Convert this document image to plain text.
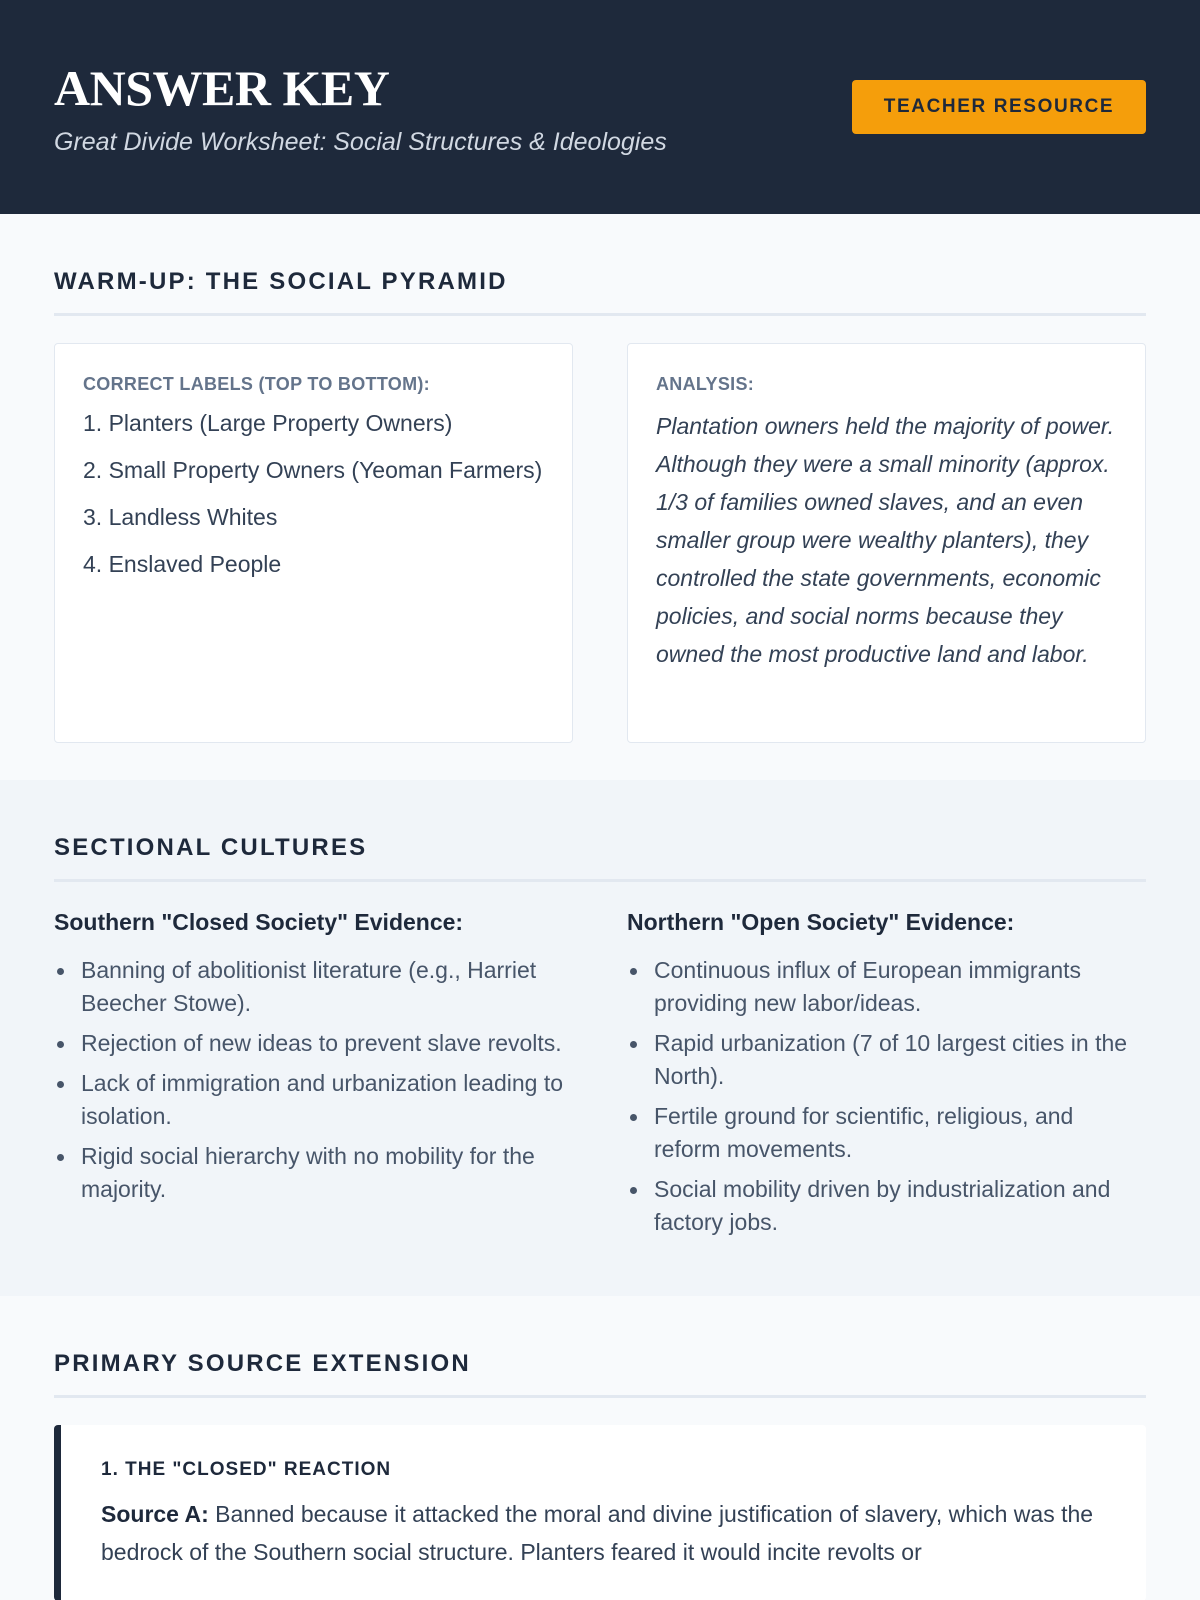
ANSWER KEY
Great Divide Worksheet: Social Structures & Ideologies
TEACHER RESOURCE
WARM-UP: THE SOCIAL PYRAMID
CORRECT LABELS (TOP TO BOTTOM):
1. Planters (Large Property Owners)
2. Small Property Owners (Yeoman Farmers)
3. Landless Whites
4. Enslaved People
ANALYSIS:

Plantation owners held the majority of power. Although they were a small minority (approx. 1/3 of families owned slaves, and an even smaller group were wealthy planters), they controlled the state governments, economic policies, and social norms because they owned the most productive land and labor.

SECTIONAL CULTURES
Southern "Closed Society" Evidence:
Banning of abolitionist literature (e.g., Harriet Beecher Stowe).
Rejection of new ideas to prevent slave revolts.
Lack of immigration and urbanization leading to isolation.
Rigid social hierarchy with no mobility for the majority.
Northern "Open Society" Evidence:
Continuous influx of European immigrants providing new labor/ideas.
Rapid urbanization (7 of 10 largest cities in the North).
Fertile ground for scientific, religious, and reform movements.
Social mobility driven by industrialization and factory jobs.
PRIMARY SOURCE EXTENSION
1. THE "CLOSED" REACTION

Source A: Banned because it attacked the moral and divine justification of slavery, which was the bedrock of the Southern social structure. Planters feared it would incite revolts or
